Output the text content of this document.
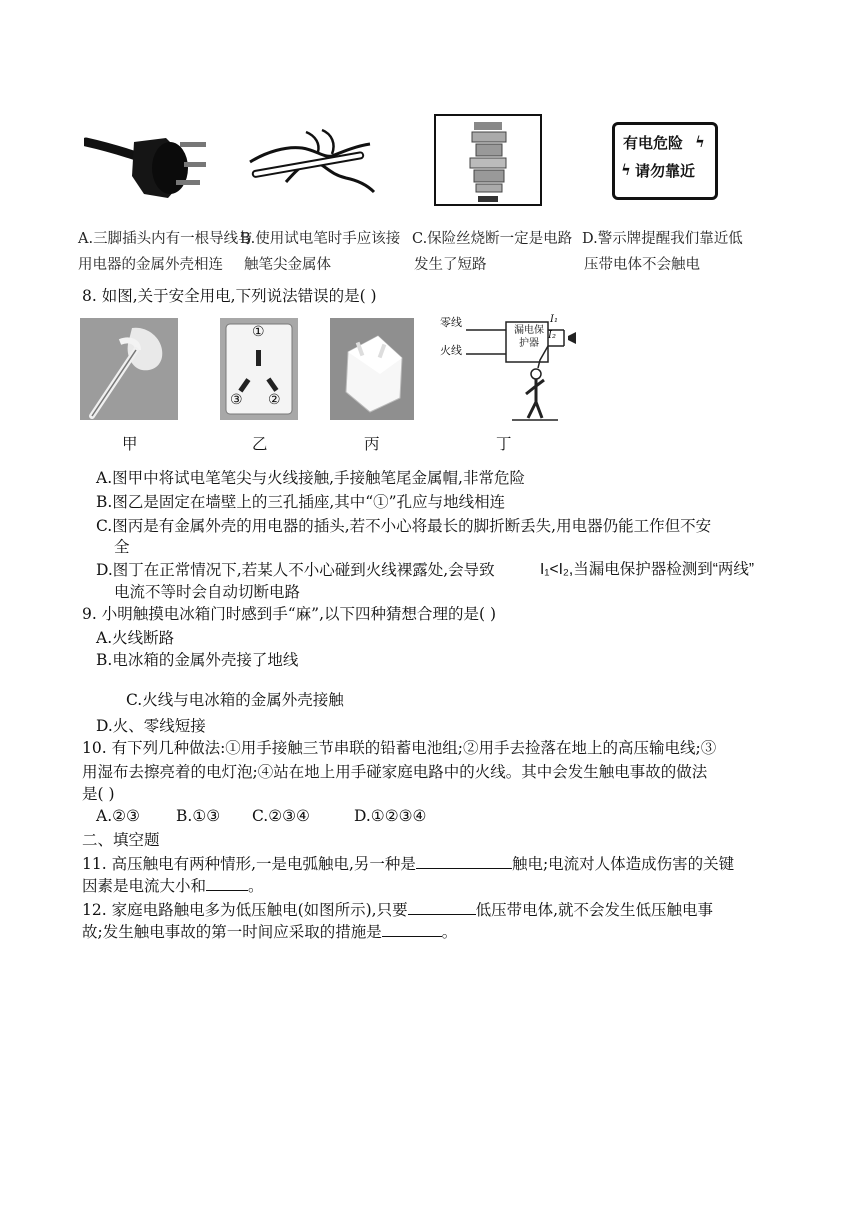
有电危险 ϟ
ϟ 请勿靠近
A.三脚插头内有一根导线与
用电器的金属外壳相连
B.使用试电笔时手应该接
触笔尖金属体
C.保险丝烧断一定是电路
发生了短路
D.警示牌提醒我们靠近低
压带电体不会触电
8. 如图,关于安全用电,下列说法错误的是( )
①
③ ②
零线
火线
漏电保
护器
I₁
I₂
甲	乙	丙	丁
A.图甲中将试电笔笔尖与火线接触,手接触笔尾金属帽,非常危险
B.图乙是固定在墙壁上的三孔插座,其中“①”孔应与地线相连
C.图丙是有金属外壳的用电器的插头,若不小心将最长的脚折断丢失,用电器仍能工作但不安
全
D.图丁在正常情况下,若某人不小心碰到火线裸露处,会导致	I₁<I₂,当漏电保护器检测到“两线”
电流不等时会自动切断电路
9. 小明触摸电冰箱门时感到手“麻”,以下四种猜想合理的是( )
A.火线断路
B.电冰箱的金属外壳接了地线
C.火线与电冰箱的金属外壳接触
D.火、零线短接
10. 有下列几种做法:①用手接触三节串联的铅蓄电池组;②用手去捡落在地上的高压输电线;③
用湿布去擦亮着的电灯泡;④站在地上用手碰家庭电路中的火线。其中会发生触电事故的做法
是( )
A.②③ B.①③ C.②③④	D.①②③④
二、填空题
11. 高压触电有两种情形,一是电弧触电,另一种是	触电;电流对人体造成伤害的关键
因素是电流大小和	。
12. 家庭电路触电多为低压触电(如图所示),只要	低压带电体,就不会发生低压触电事
故;发生触电事故的第一时间应采取的措施是	。
